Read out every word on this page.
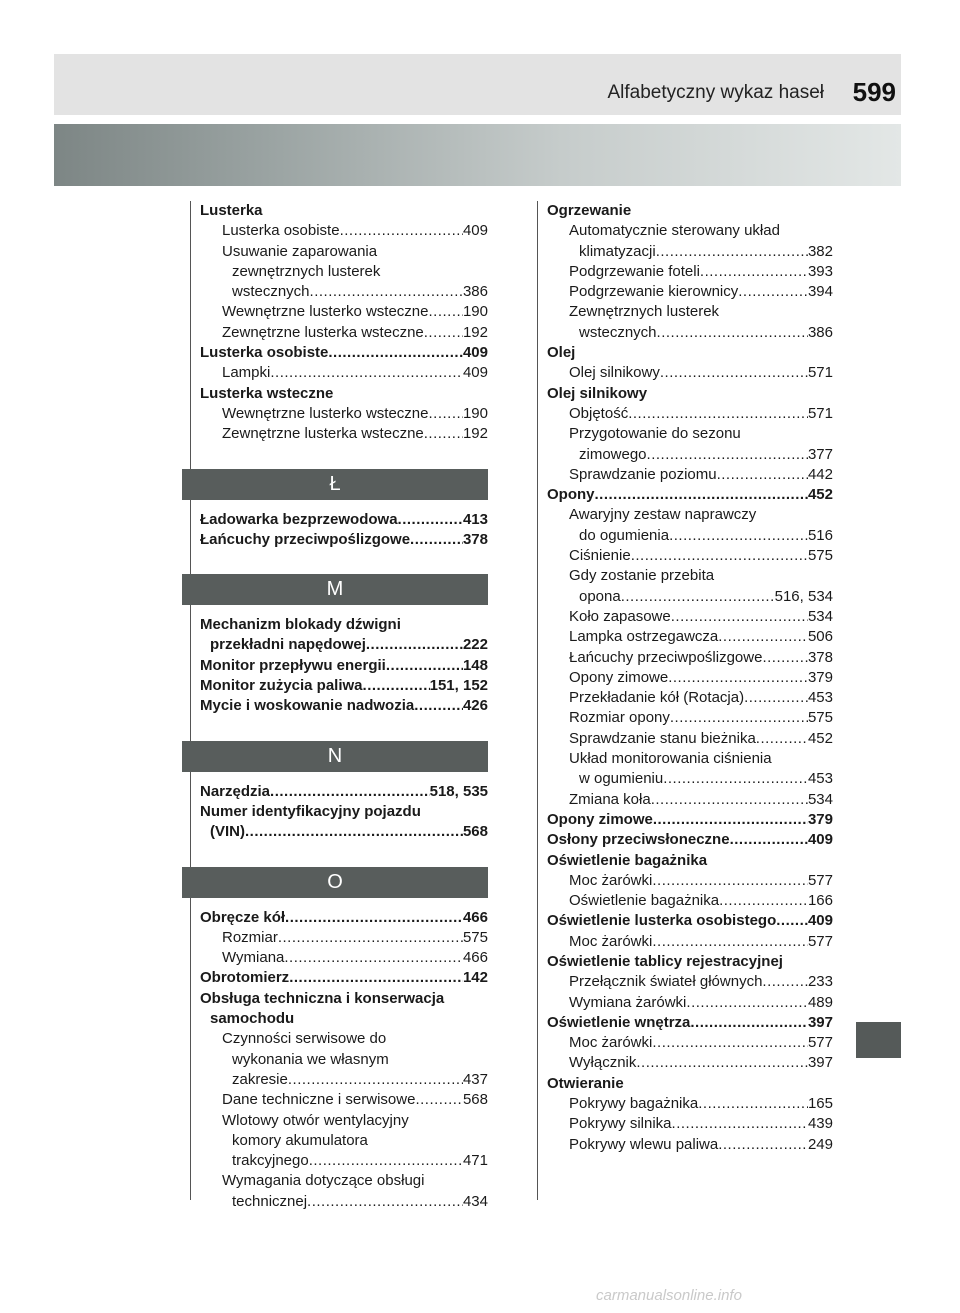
Alfabetyczny wykaz haseł 599
Lusterka
Lusterka osobiste .....	409
Usuwanie zaparowania
zewnętrznych lusterek
wstecznych .....	386
Wewnętrzne lusterko wsteczne ..... 190
Zewnętrzne lusterka wsteczne .....	192
Lusterka osobiste .....	409
Lampki .....	409
Lusterka wsteczne
Wewnętrzne lusterko wsteczne ..... 190
Zewnętrzne lusterka wsteczne .....	192
Ł
Ładowarka bezprzewodowa .....	413
Łańcuchy przeciwpoślizgowe .....	378
M
Mechanizm blokady dźwigni
przekładni napędowej .....	222
Monitor przepływu energii .....	148
Monitor zużycia paliwa .....	151, 152
Mycie i woskowanie nadwozia .....	426
N
Narzędzia .....	518, 535
Numer identyfikacyjny pojazdu
(VIN) .....	568
O
Obręcze kół .....	466
Rozmiar .....	575
Wymiana .....	466
Obrotomierz .....	142
Obsługa techniczna i konserwacja
samochodu
Czynności serwisowe do
wykonania we własnym
zakresie .....	437
Dane techniczne i serwisowe .....	568
Wlotowy otwór wentylacyjny
komory akumulatora
trakcyjnego .....	471
Wymagania dotyczące obsługi
technicznej .....	434
Ogrzewanie
Automatycznie sterowany układ
klimatyzacji .....	382
Podgrzewanie foteli .....	393
Podgrzewanie kierownicy .....	394
Zewnętrznych lusterek
wstecznych .....	386
Olej
Olej silnikowy .....	571
Olej silnikowy
Objętość .....	571
Przygotowanie do sezonu
zimowego .....	377
Sprawdzanie poziomu .....	442
Opony .....	452
Awaryjny zestaw naprawczy
do ogumienia .....	516
Ciśnienie .....	575
Gdy zostanie przebita
opona .....	516, 534
Koło zapasowe .....	534
Lampka ostrzegawcza .....	506
Łańcuchy przeciwpoślizgowe .....	378
Opony zimowe .....	379
Przekładanie kół (Rotacja) .....	453
Rozmiar opony .....	575
Sprawdzanie stanu bieżnika .....	452
Układ monitorowania ciśnienia
w ogumieniu .....	453
Zmiana koła .....	534
Opony zimowe .....	379
Osłony przeciwsłoneczne .....	409
Oświetlenie bagażnika
Moc żarówki .....	577
Oświetlenie bagażnika .....	166
Oświetlenie lusterka osobistego ..... 409
Moc żarówki .....	577
Oświetlenie tablicy rejestracyjnej
Przełącznik świateł głównych .....	233
Wymiana żarówki .....	489
Oświetlenie wnętrza .....	397
Moc żarówki .....	577
Wyłącznik .....	397
Otwieranie
Pokrywy bagażnika .....	165
Pokrywy silnika .....	439
Pokrywy wlewu paliwa .....	249
carmanualsonline.info
